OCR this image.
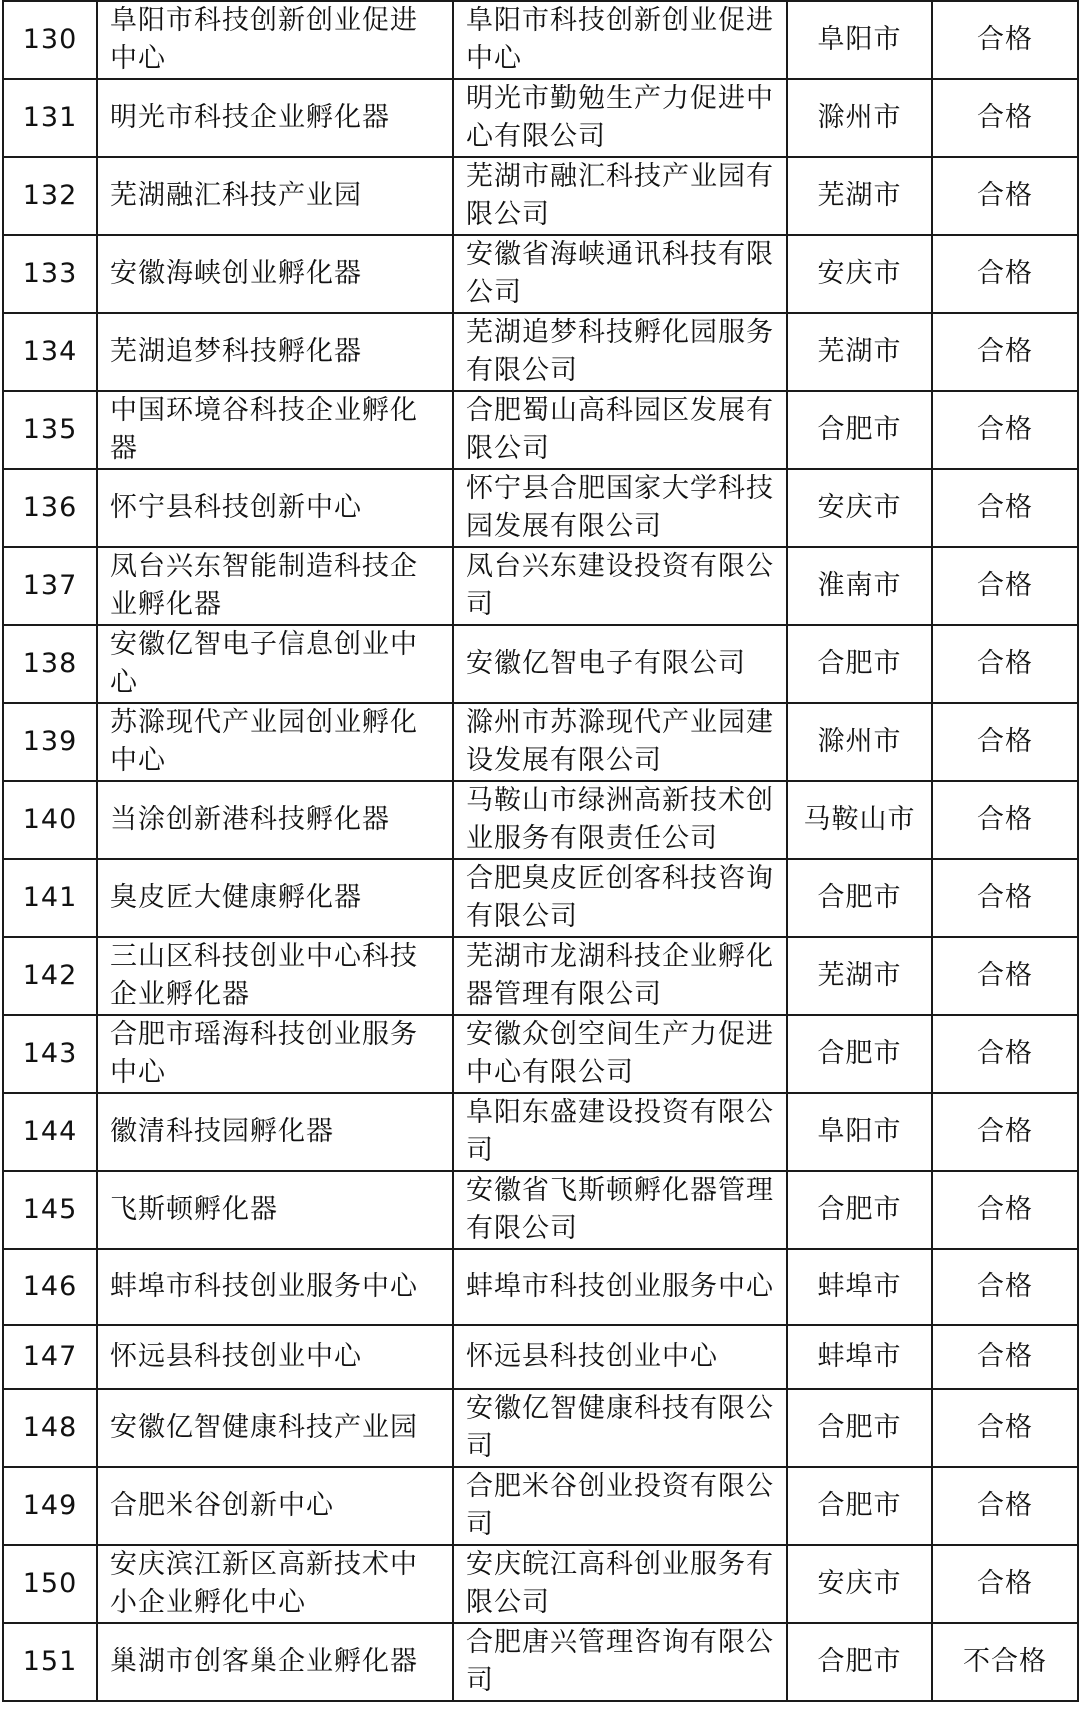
130	阜阳市科技创新创业促进中心	阜阳市科技创新创业促进中心	阜阳市	合格
131	明光市科技企业孵化器	明光市勤勉生产力促进中心有限公司	滁州市	合格
132	芜湖融汇科技产业园	芜湖市融汇科技产业园有限公司	芜湖市	合格
133	安徽海峡创业孵化器	安徽省海峡通讯科技有限公司	安庆市	合格
134	芜湖追梦科技孵化器	芜湖追梦科技孵化园服务有限公司	芜湖市	合格
135	中国环境谷科技企业孵化器	合肥蜀山高科园区发展有限公司	合肥市	合格
136	怀宁县科技创新中心	怀宁县合肥国家大学科技园发展有限公司	安庆市	合格
137	凤台兴东智能制造科技企业孵化器	凤台兴东建设投资有限公司	淮南市	合格
138	安徽亿智电子信息创业中心	安徽亿智电子有限公司	合肥市	合格
139	苏滁现代产业园创业孵化中心	滁州市苏滁现代产业园建设发展有限公司	滁州市	合格
140	当涂创新港科技孵化器	马鞍山市绿洲高新技术创业服务有限责任公司	马鞍山市	合格
141	臭皮匠大健康孵化器	合肥臭皮匠创客科技咨询有限公司	合肥市	合格
142	三山区科技创业中心科技企业孵化器	芜湖市龙湖科技企业孵化器管理有限公司	芜湖市	合格
143	合肥市瑶海科技创业服务中心	安徽众创空间生产力促进中心有限公司	合肥市	合格
144	徽清科技园孵化器	阜阳东盛建设投资有限公司	阜阳市	合格
145	飞斯顿孵化器	安徽省飞斯顿孵化器管理有限公司	合肥市	合格
146	蚌埠市科技创业服务中心	蚌埠市科技创业服务中心	蚌埠市	合格
147	怀远县科技创业中心	怀远县科技创业中心	蚌埠市	合格
148	安徽亿智健康科技产业园	安徽亿智健康科技有限公司	合肥市	合格
149	合肥米谷创新中心	合肥米谷创业投资有限公司	合肥市	合格
150	安庆滨江新区高新技术中小企业孵化中心	安庆皖江高科创业服务有限公司	安庆市	合格
151	巢湖市创客巢企业孵化器	合肥唐兴管理咨询有限公司	合肥市	不合格
